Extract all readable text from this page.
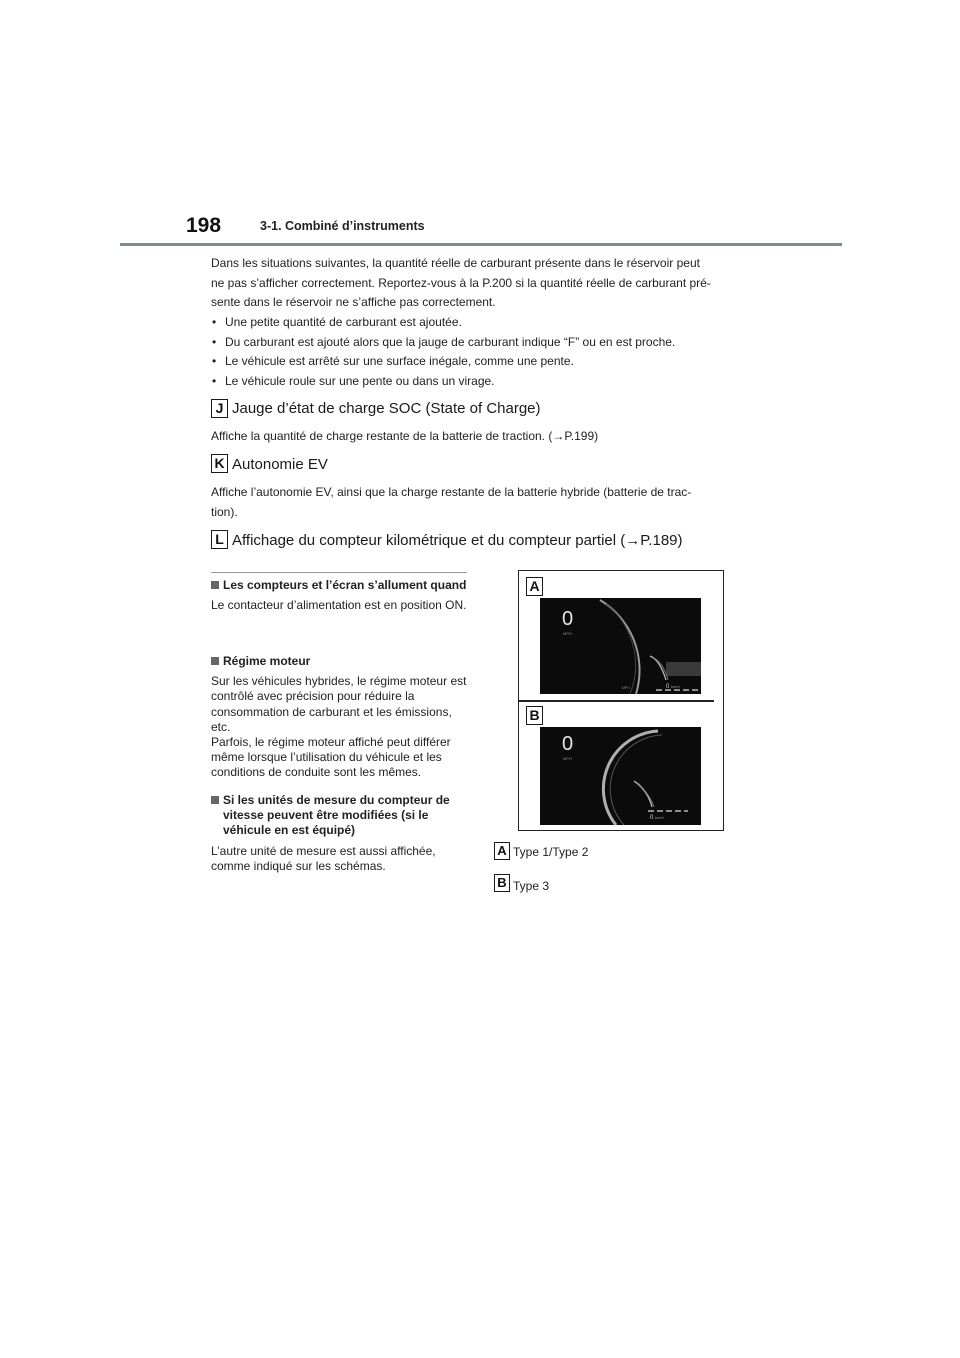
198	3-1. Combiné d’instruments

Dans les situations suivantes, la quantité réelle de carburant présente dans le réservoir peut

ne pas s’afficher correctement. Reportez-vous à la P.200 si la quantité réelle de carburant pré-

sente dans le réservoir ne s’affiche pas correctement.

• Une petite quantité de carburant est ajoutée.
• Du carburant est ajouté alors que la jauge de carburant indique “F” ou en est proche.
• Le véhicule est arrêté sur une surface inégale, comme une pente.
• Le véhicule roule sur une pente ou dans un virage.
J Jauge d’état de charge SOC (State of Charge)
Affiche la quantité de charge restante de la batterie de traction. (→P.199)
K Autonomie EV
Affiche l’autonomie EV, ainsi que la charge restante de la batterie hybride (batterie de trac-
tion).
L Affichage du compteur kilométrique et du compteur partiel (→P.189)
Les compteurs et l’écran s’allument quand
Le contacteur d’alimentation est en position ON.
Régime moteur
Sur les véhicules hybrides, le régime moteur est contrôlé avec précision pour réduire la consommation de carburant et les émissions, etc.
Parfois, le régime moteur affiché peut différer même lorsque l’utilisation du véhicule et les conditions de conduite sont les mêmes.
Si les unités de mesure du compteur de vitesse peuvent être modifiées (si le véhicule en est équipé)
L’autre unité de mesure est aussi affichée, comme indiqué sur les schémas.
A
0
MPH
MPH	0 km/h
B
0
MPH
0 km/h
A Type 1/Type 2
B Type 3
